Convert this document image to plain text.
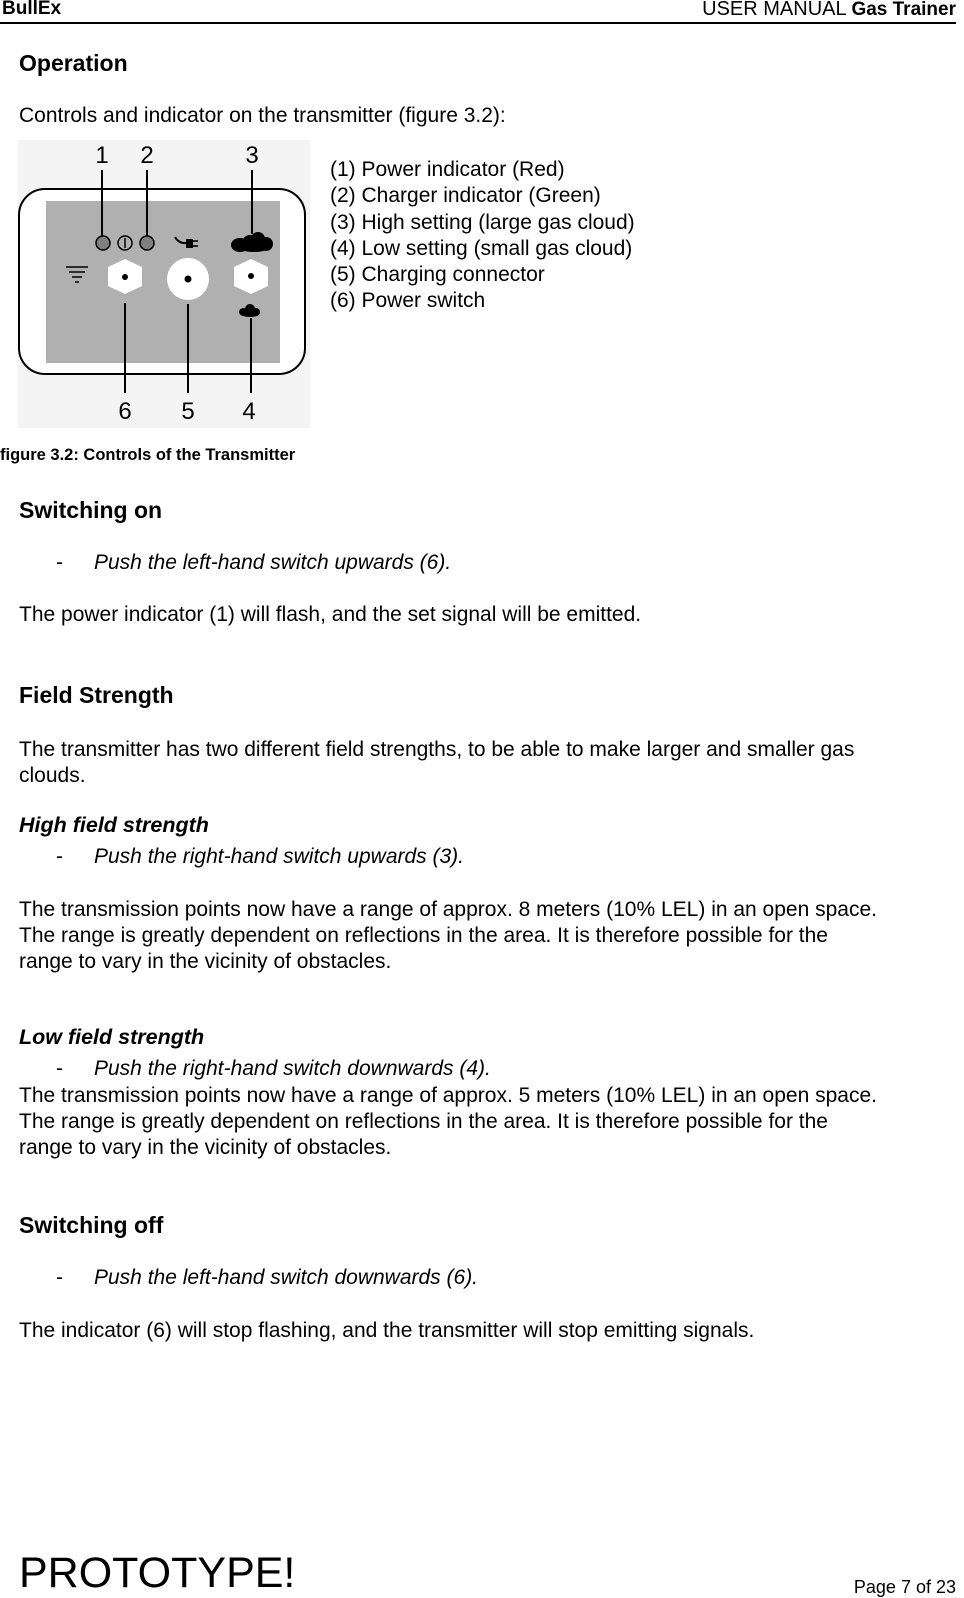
BullEx	USER MANUAL Gas Trainer
Operation
Controls and indicator on the transmitter (figure 3.2):
1 2	3
6 5 4
(1) Power indicator (Red)
(2) Charger indicator (Green)
(3) High setting (large gas cloud)
(4) Low setting (small gas cloud)
(5) Charging connector
(6) Power switch
figure 3.2: Controls of the Transmitter
Switching on
- Push the left-hand switch upwards (6).
The power indicator (1) will flash, and the set signal will be emitted.
Field Strength
The transmitter has two different field strengths, to be able to make larger and smaller gas
clouds.
High field strength
- Push the right-hand switch upwards (3).
The transmission points now have a range of approx. 8 meters (10% LEL) in an open space.
The range is greatly dependent on reflections in the area. It is therefore possible for the
range to vary in the vicinity of obstacles.
Low field strength
- Push the right-hand switch downwards (4).
The transmission points now have a range of approx. 5 meters (10% LEL) in an open space.
The range is greatly dependent on reflections in the area. It is therefore possible for the
range to vary in the vicinity of obstacles.
Switching off
- Push the left-hand switch downwards (6).
The indicator (6) will stop flashing, and the transmitter will stop emitting signals.
PROTOTYPE!	Page 7 of 23
